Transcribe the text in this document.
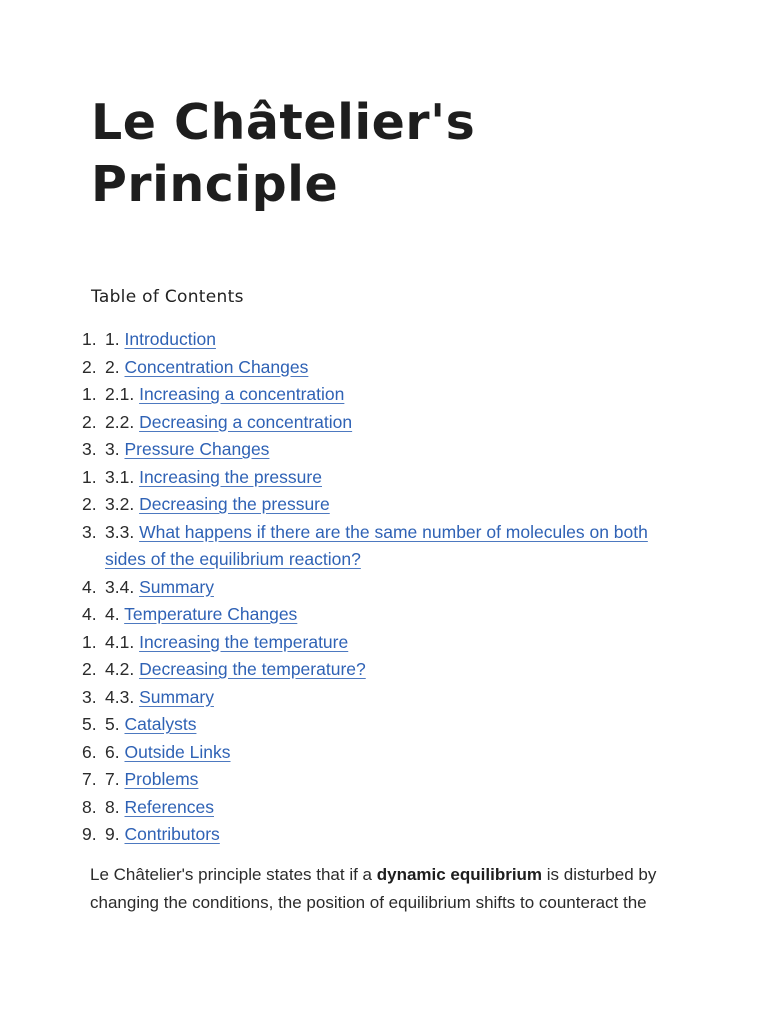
Le Châtelier's
Principle
Table of Contents
1. 1. Introduction
2. 2. Concentration Changes
1. 2.1. Increasing a concentration
2. 2.2. Decreasing a concentration
3. 3. Pressure Changes
1. 3.1. Increasing the pressure
2. 3.2. Decreasing the pressure
3. 3.3. What happens if there are the same number of molecules on both sides of the equilibrium reaction?
4. 3.4. Summary
4. 4. Temperature Changes
1. 4.1. Increasing the temperature
2. 4.2. Decreasing the temperature?
3. 4.3. Summary
5. 5. Catalysts
6. 6. Outside Links
7. 7. Problems
8. 8. References
9. 9. Contributors

Le Châtelier's principle states that if a dynamic equilibrium is disturbed by changing the conditions, the position of equilibrium shifts to counteract the
